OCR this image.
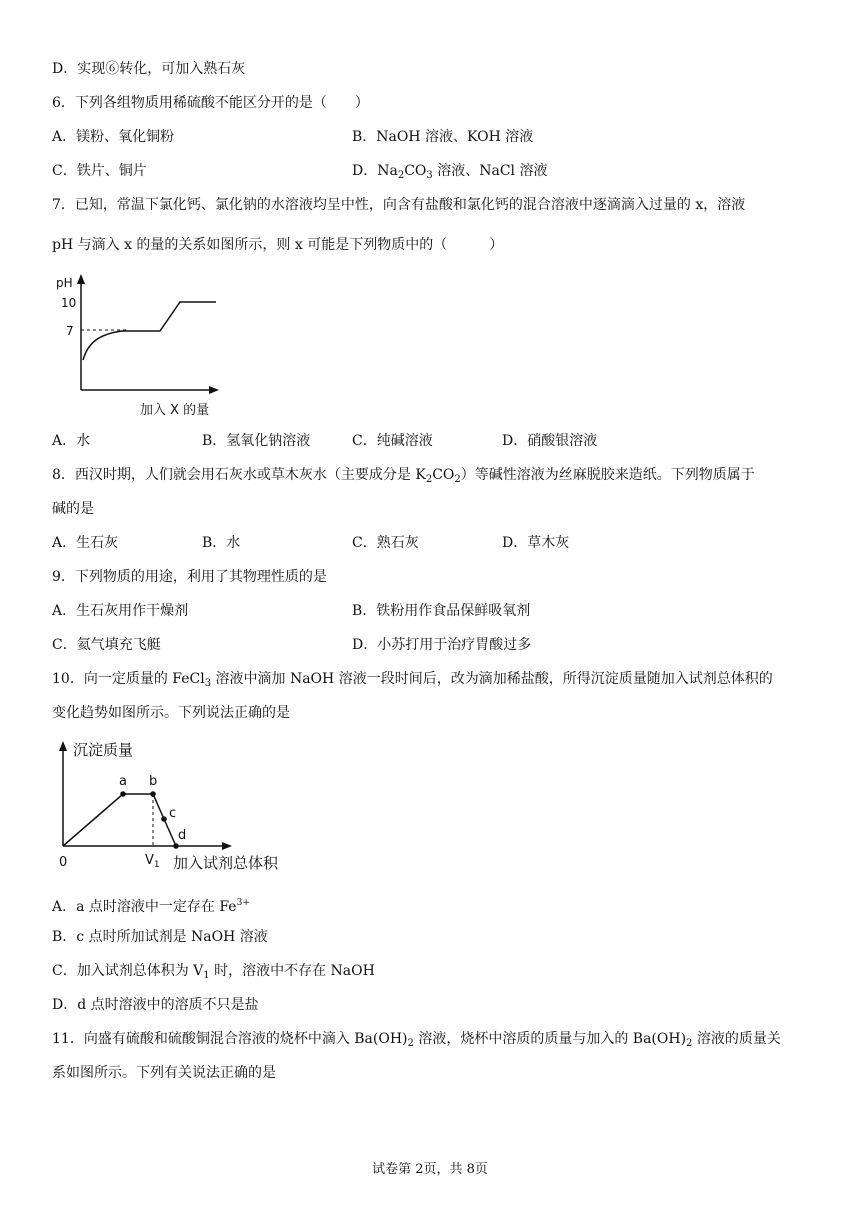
D．实现⑥转化，可加入熟石灰
6．下列各组物质用稀硫酸不能区分开的是（　　）
A．镁粉、氧化铜粉	B．NaOH 溶液、KOH 溶液
C．铁片、铜片	D．$Na_2CO_3$ 溶液、NaCl 溶液
7．已知，常温下氯化钙、氯化钠的水溶液均呈中性，向含有盐酸和氯化钙的混合溶液中逐滴滴入过量的 x，溶液
pH 与滴入 x 的量的关系如图所示，则 x 可能是下列物质中的（　　　）
pH
10
7
加入 X 的量
A．水	B．氢氧化钠溶液	C．纯碱溶液	D．硝酸银溶液
8．西汉时期，人们就会用石灰水或草木灰水（主要成分是 $K_2CO_2$）等碱性溶液为丝麻脱胶来造纸。下列物质属于
碱的是
A．生石灰	B．水	C．熟石灰	D．草木灰
9．下列物质的用途，利用了其物理性质的是
A．生石灰用作干燥剂	B．铁粉用作食品保鲜吸氧剂
C．氦气填充飞艇	D．小苏打用于治疗胃酸过多
10．向一定质量的 FeCl$_3$ 溶液中滴加 NaOH 溶液一段时间后，改为滴加稀盐酸，所得沉淀质量随加入试剂总体积的
变化趋势如图所示。下列说法正确的是
沉淀质量
a b
c
d
0	$V_1$ 加入试剂总体积
A．a 点时溶液中一定存在 $Fe^{3+}$
B．c 点时所加试剂是 NaOH 溶液
C．加入试剂总体积为 $V_1$ 时，溶液中不存在 NaOH
D．d 点时溶液中的溶质不只是盐
11．向盛有硫酸和硫酸铜混合溶液的烧杯中滴入 $Ba(OH)_2$ 溶液，烧杯中溶质的质量与加入的 $Ba(OH)_2$ 溶液的质量关
系如图所示。下列有关说法正确的是
试卷第 2页，共 8页
